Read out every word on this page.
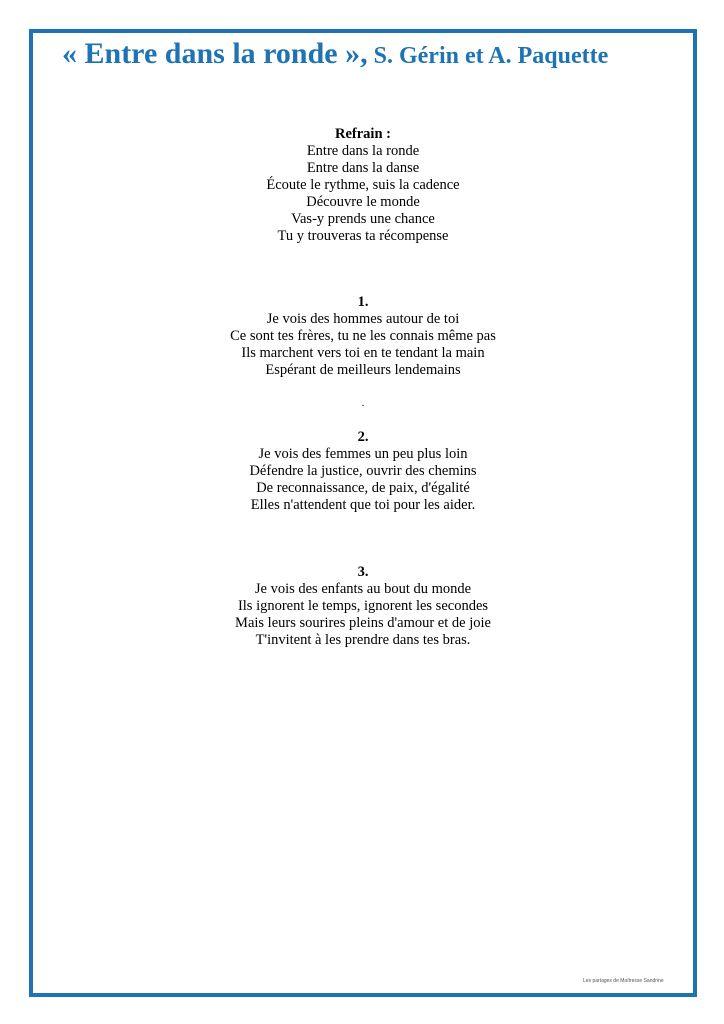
« Entre dans la ronde », S. Gérin et A. Paquette
Refrain :
Entre dans la ronde
Entre dans la danse
Écoute le rythme, suis la cadence
Découvre le monde
Vas-y prends une chance
Tu y trouveras ta récompense
1.
Je vois des hommes autour de toi
Ce sont tes frères, tu ne les connais même pas
Ils marchent vers toi en te tendant la main
Espérant de meilleurs lendemains
.
2.
Je vois des femmes un peu plus loin
Défendre la justice, ouvrir des chemins
De reconnaissance, de paix, d'égalité
Elles n'attendent que toi pour les aider.
3.
Je vois des enfants au bout du monde
Ils ignorent le temps, ignorent les secondes
Mais leurs sourires pleins d'amour et de joie
T'invitent à les prendre dans tes bras.
Les partages de Maîtresse Sandrine
